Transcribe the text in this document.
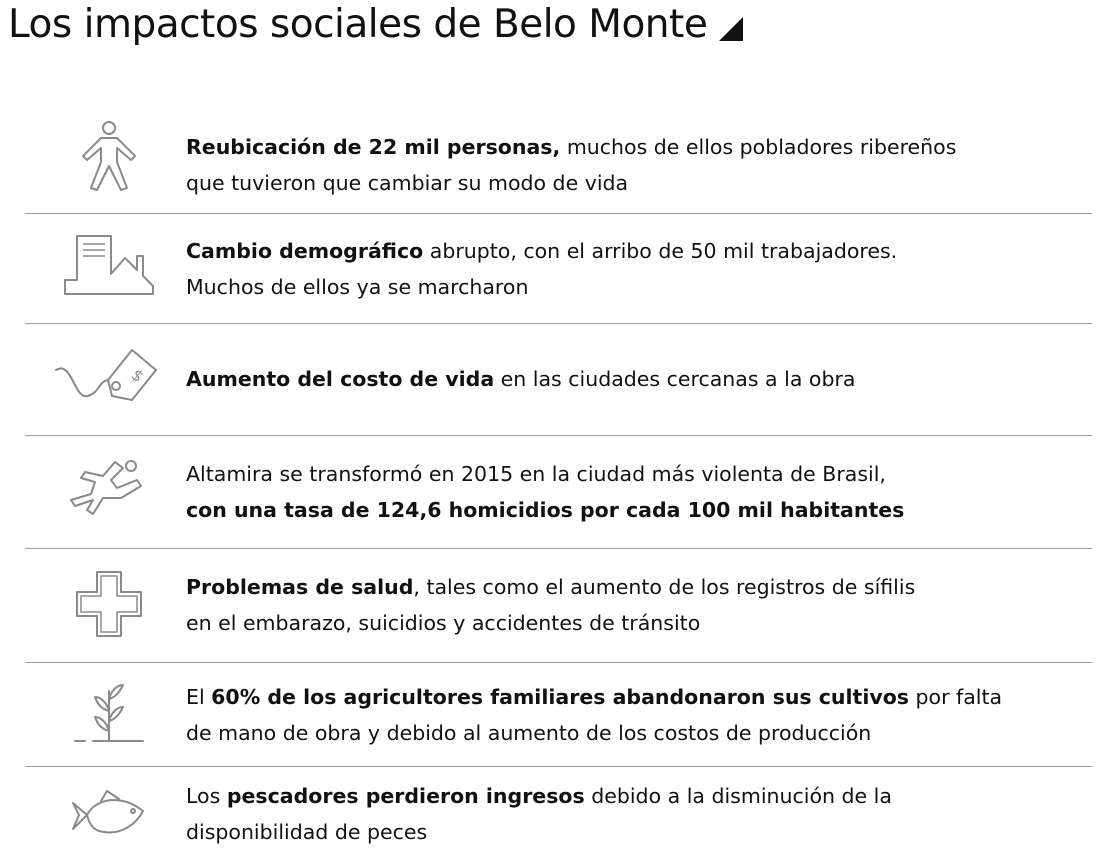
Los impactos sociales de Belo Monte
Reubicación de 22 mil personas, muchos de ellos pobladores ribereños
que tuvieron que cambiar su modo de vida
Cambio demográfico abrupto, con el arribo de 50 mil trabajadores.
Muchos de ellos ya se marcharon
$ Aumento del costo de vida en las ciudades cercanas a la obra
Altamira se transformó en 2015 en la ciudad más violenta de Brasil,
con una tasa de 124,6 homicidios por cada 100 mil habitantes
Problemas de salud, tales como el aumento de los registros de sífilis
en el embarazo, suicidios y accidentes de tránsito
El 60% de los agricultores familiares abandonaron sus cultivos por falta
de mano de obra y debido al aumento de los costos de producción
Los pescadores perdieron ingresos debido a la disminución de la
disponibilidad de peces
